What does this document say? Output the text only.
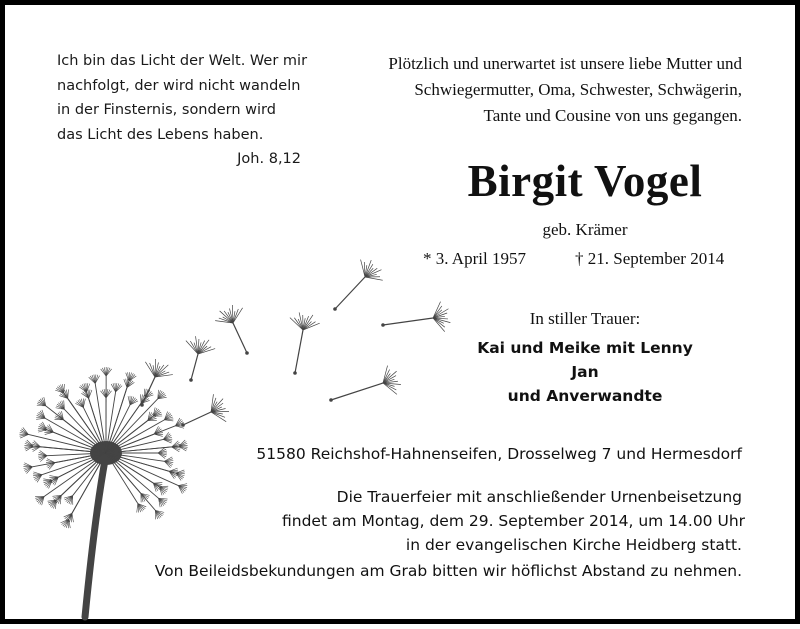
Ich bin das Licht der Welt. Wer mir
nachfolgt, der wird nicht wandeln
in der Finsternis, sondern wird
das Licht des Lebens haben.
Joh. 8,12
Plötzlich und unerwartet ist unsere liebe Mutter und
Schwiegermutter, Oma, Schwester, Schwägerin,
Tante und Cousine von uns gegangen.
Birgit Vogel
geb. Krämer
* 3. April 1957	† 21. September 2014
In stiller Trauer:
Kai und Meike mit Lenny
Jan
und Anverwandte
51580 Reichshof-Hahnenseifen, Drosselweg 7 und Hermesdorf
Die Trauerfeier mit anschließender Urnenbeisetzung
findet am Montag, dem 29. September 2014, um 14.00 Uhr
in der evangelischen Kirche Heidberg statt.
Von Beileidsbekundungen am Grab bitten wir höflichst Abstand zu nehmen.
